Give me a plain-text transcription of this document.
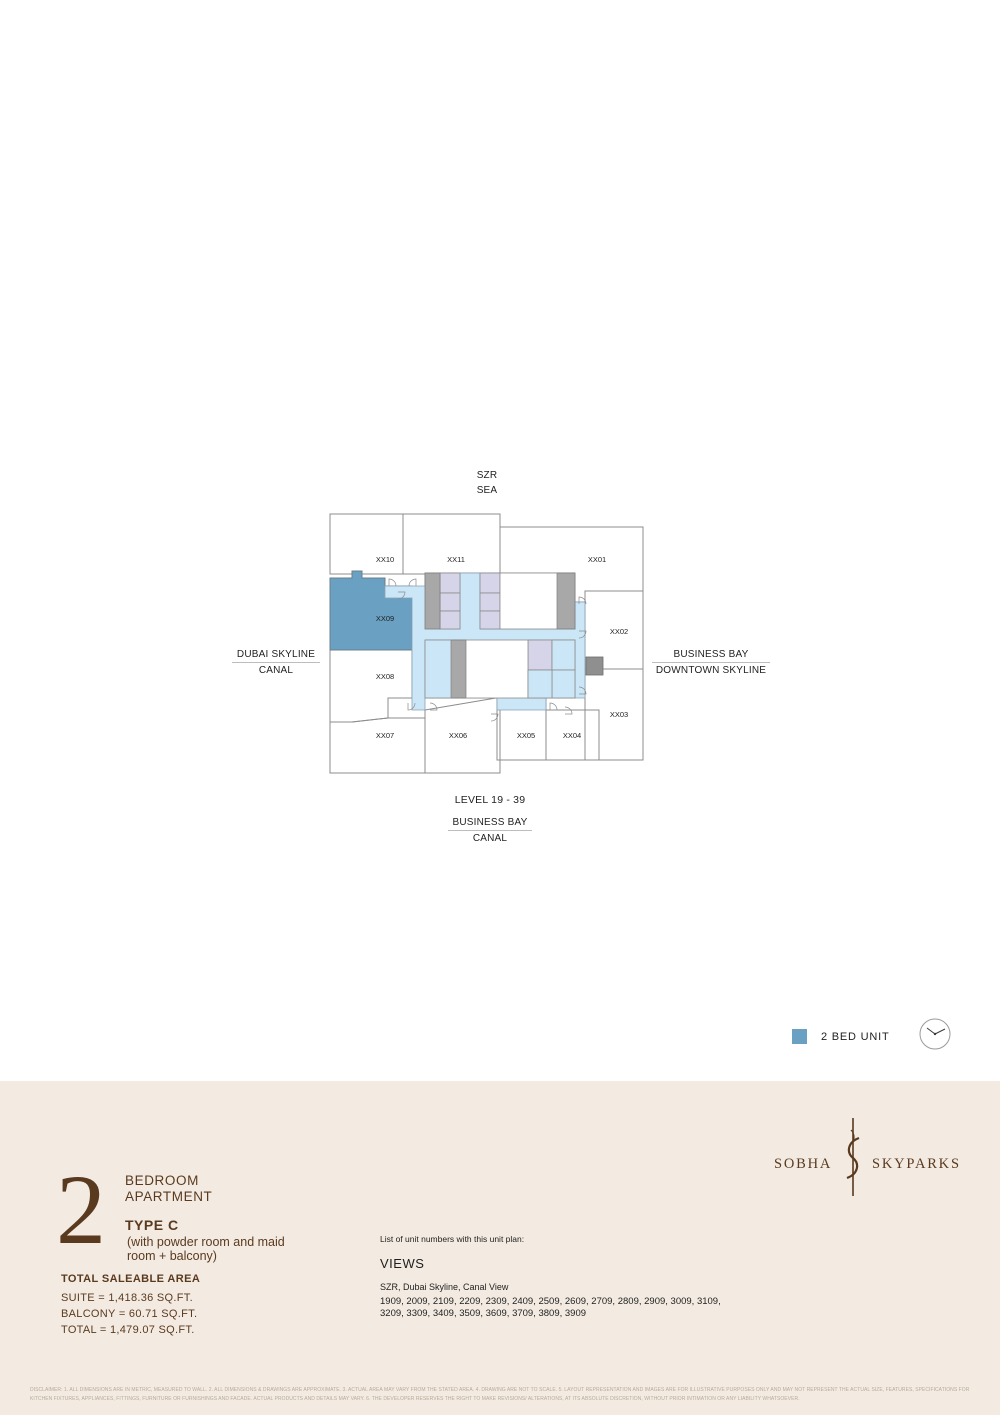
SZR
SEA
DUBAI SKYLINE
CANAL
BUSINESS BAY
DOWNTOWN SKYLINE
LEVEL 19 - 39
BUSINESS BAY
CANAL
XX10	XX11	XX01
XX09
XX02
XX08
XX03
XX07	XX06	XX05	XX04
2 BED UNIT
2 BEDROOM
APARTMENT
TYPE C
(with powder room and maid room + balcony)
TOTAL SALEABLE AREA
SUITE = 1,418.36 SQ.FT.
BALCONY = 60.71 SQ.FT.
TOTAL = 1,479.07 SQ.FT.
List of unit numbers with this unit plan:
VIEWS
SZR, Dubai Skyline, Canal View
1909, 2009, 2109, 2209, 2309, 2409, 2509, 2609, 2709, 2809, 2909, 3009, 3109,
3209, 3309, 3409, 3509, 3609, 3709, 3809, 3909
SOBHA	SKYPARKS
DISCLAIMER: 1. ALL DIMENSIONS ARE IN METRIC, MEASURED TO WALL. 2. ALL DIMENSIONS & DRAWINGS ARE APPROXIMATE. 3. ACTUAL AREA MAY VARY FROM THE STATED AREA. 4. DRAWING ARE NOT TO SCALE. 5. LAYOUT REPRESENTATION AND IMAGES ARE FOR ILLUSTRATIVE PURPOSES ONLY AND MAY NOT REPRESENT THE ACTUAL SIZE, FEATURES, SPECIFICATIONS FOR KITCHEN FIXTURES, APPLIANCES, FITTINGS, FURNITURE OR FURNISHINGS AND FACADE. ACTUAL PRODUCTS AND DETAILS MAY VARY. 6. THE DEVELOPER RESERVES THE RIGHT TO MAKE REVISIONS/ ALTERATIONS, AT ITS ABSOLUTE DISCRETION, WITHOUT PRIOR INTIMATION OR ANY LIABILITY WHATSOEVER.
